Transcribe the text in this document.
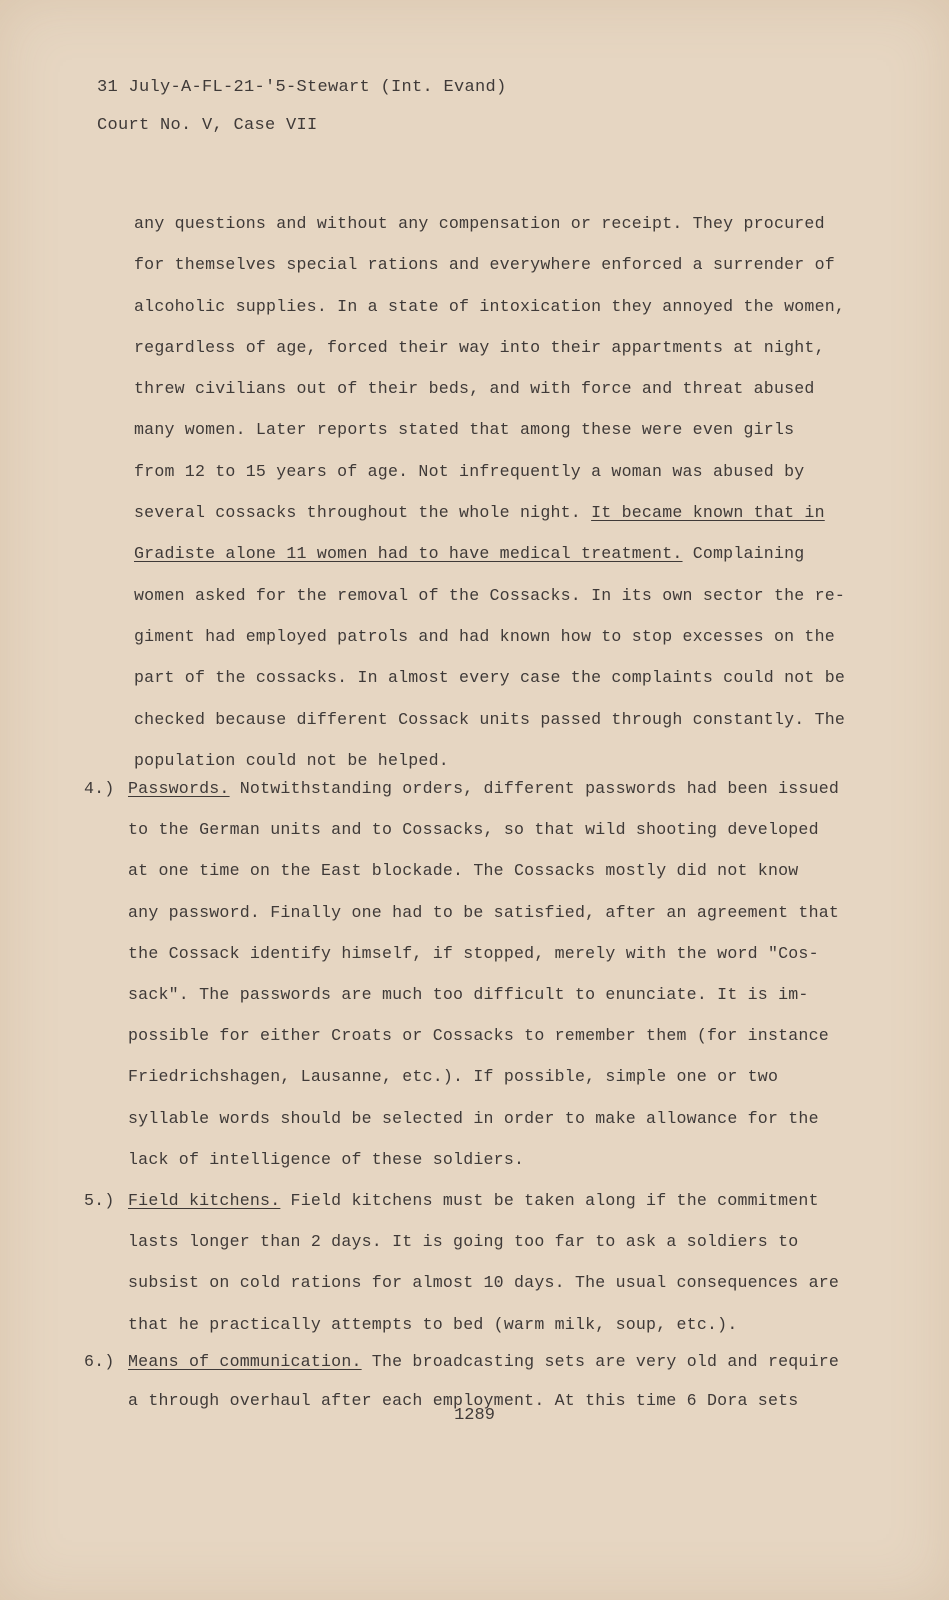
31 July-A-FL-21-'5-Stewart (Int. Evand)
Court No. V, Case VII
any questions and without any compensation or receipt. They procured
for themselves special rations and everywhere enforced a surrender of
alcoholic supplies. In a state of intoxication they annoyed the women,
regardless of age, forced their way into their appartments at night,
threw civilians out of their beds, and with force and threat abused
many women. Later reports stated that among these were even girls
from 12 to 15 years of age. Not infrequently a woman was abused by
several cossacks throughout the whole night. It became known that in
Gradiste alone 11 women had to have medical treatment. Complaining
women asked for the removal of the Cossacks. In its own sector the re-
giment had employed patrols and had known how to stop excesses on the
part of the cossacks. In almost every case the complaints could not be
checked because different Cossack units passed through constantly. The
population could not be helped.
4.) Passwords. Notwithstanding orders, different passwords had been issued
to the German units and to Cossacks, so that wild shooting developed
at one time on the East blockade. The Cossacks mostly did not know
any password. Finally one had to be satisfied, after an agreement that
the Cossack identify himself, if stopped, merely with the word "Cos-
sack". The passwords are much too difficult to enunciate. It is im-
possible for either Croats or Cossacks to remember them (for instance
Friedrichshagen, Lausanne, etc.). If possible, simple one or two
syllable words should be selected in order to make allowance for the
lack of intelligence of these soldiers.
5.) Field kitchens. Field kitchens must be taken along if the commitment
lasts longer than 2 days. It is going too far to ask a soldiers to
subsist on cold rations for almost 10 days. The usual consequences are
that he practically attempts to bed (warm milk, soup, etc.).
6.) Means of communication. The broadcasting sets are very old and require
a through overhaul after each employment. At this time 6 Dora sets
1289
